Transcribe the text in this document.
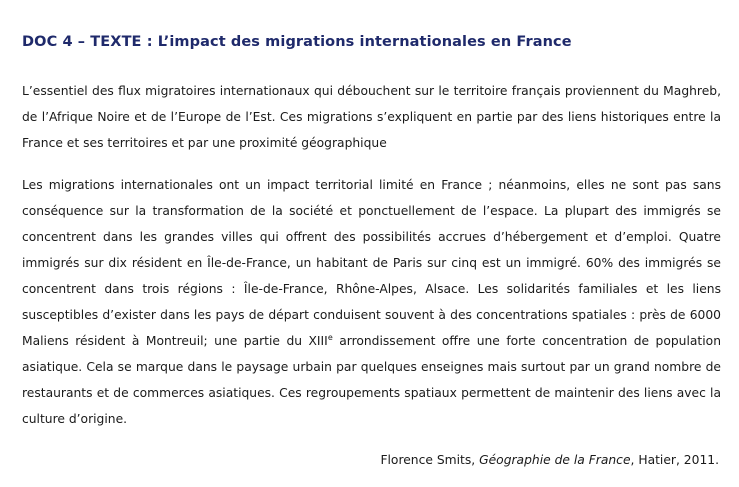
DOC 4 – TEXTE : L’impact des migrations internationales en France

L’essentiel des flux migratoires internationaux qui débouchent sur le territoire français proviennent du Maghreb, de l’Afrique Noire et de l’Europe de l’Est. Ces migrations s’expliquent en partie par des liens historiques entre la France et ses territoires et par une proximité géographique

Les migrations internationales ont un impact territorial limité en France ; néanmoins, elles ne sont pas sans conséquence sur la transformation de la société et ponctuellement de l’espace. La plupart des immigrés se concentrent dans les grandes villes qui offrent des possibilités accrues d’hébergement et d’emploi. Quatre immigrés sur dix résident en Île-de-France, un habitant de Paris sur cinq est un immigré. 60% des immigrés se concentrent dans trois régions : Île-de-France, Rhône-Alpes, Alsace. Les solidarités familiales et les liens susceptibles d’exister dans les pays de départ conduisent souvent à des concentrations spatiales : près de 6000 Maliens résident à Montreuil; une partie du XIIIe arrondissement offre une forte concentration de population asiatique. Cela se marque dans le paysage urbain par quelques enseignes mais surtout par un grand nombre de restaurants et de commerces asiatiques. Ces regroupements spatiaux permettent de maintenir des liens avec la culture d’origine.

Florence Smits, Géographie de la France, Hatier, 2011.
